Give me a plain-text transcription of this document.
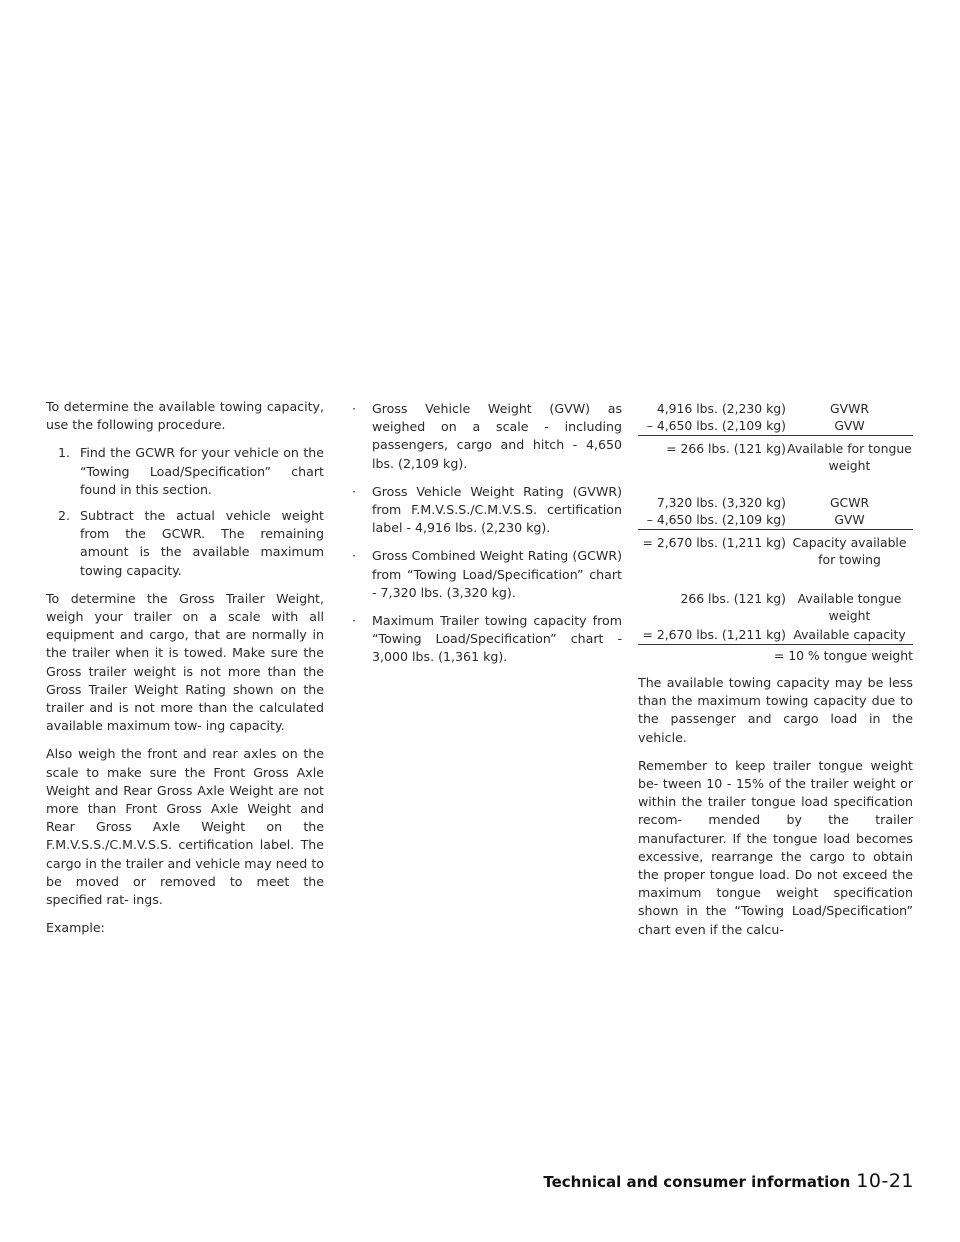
To determine the available towing capacity, use the following procedure.

1. Find the GCWR for your vehicle on the “Towing Load/Specification” chart found in this section.
2. Subtract the actual vehicle weight from the GCWR. The remaining amount is the available maximum towing capacity.

To determine the Gross Trailer Weight, weigh your trailer on a scale with all equipment and cargo, that are normally in the trailer when it is towed. Make sure the Gross trailer weight is not more than the Gross Trailer Weight Rating shown on the trailer and is not more than the calculated available maximum tow- ing capacity.

Also weigh the front and rear axles on the scale to make sure the Front Gross Axle Weight and Rear Gross Axle Weight are not more than Front Gross Axle Weight and Rear Gross Axle Weight on the F.M.V.S.S./C.M.V.S.S. certification label. The cargo in the trailer and vehicle may need to be moved or removed to meet the specified rat- ings.

Example:

· Gross Vehicle Weight (GVW) as weighed on a scale - including passengers, cargo and hitch - 4,650 lbs. (2,109 kg).
· Gross Vehicle Weight Rating (GVWR) from F.M.V.S.S./C.M.V.S.S. certification label - 4,916 lbs. (2,230 kg).
· Gross Combined Weight Rating (GCWR) from “Towing Load/Specification” chart - 7,320 lbs. (3,320 kg).
· Maximum Trailer towing capacity from “Towing Load/Specification” chart - 3,000 lbs. (1,361 kg).
4,916 lbs. (2,230 kg)	GVWR
– 4,650 lbs. (2,109 kg)	GVW
= 266 lbs. (121 kg) Available for tongue weight
7,320 lbs. (3,320 kg)	GCWR
– 4,650 lbs. (2,109 kg)	GVW
= 2,670 lbs. (1,211 kg) Capacity available for towing
266 lbs. (121 kg) Available tongue weight
= 2,670 lbs. (1,211 kg) Available capacity
= 10 % tongue weight

The available towing capacity may be less than the maximum towing capacity due to the passenger and cargo load in the vehicle.

Remember to keep trailer tongue weight be- tween 10 - 15% of the trailer weight or within the trailer tongue load specification recom- mended by the trailer manufacturer. If the tongue load becomes excessive, rearrange the cargo to obtain the proper tongue load. Do not exceed the maximum tongue weight specification shown in the “Towing Load/Specification” chart even if the calcu-

Technical and consumer information 10-21
